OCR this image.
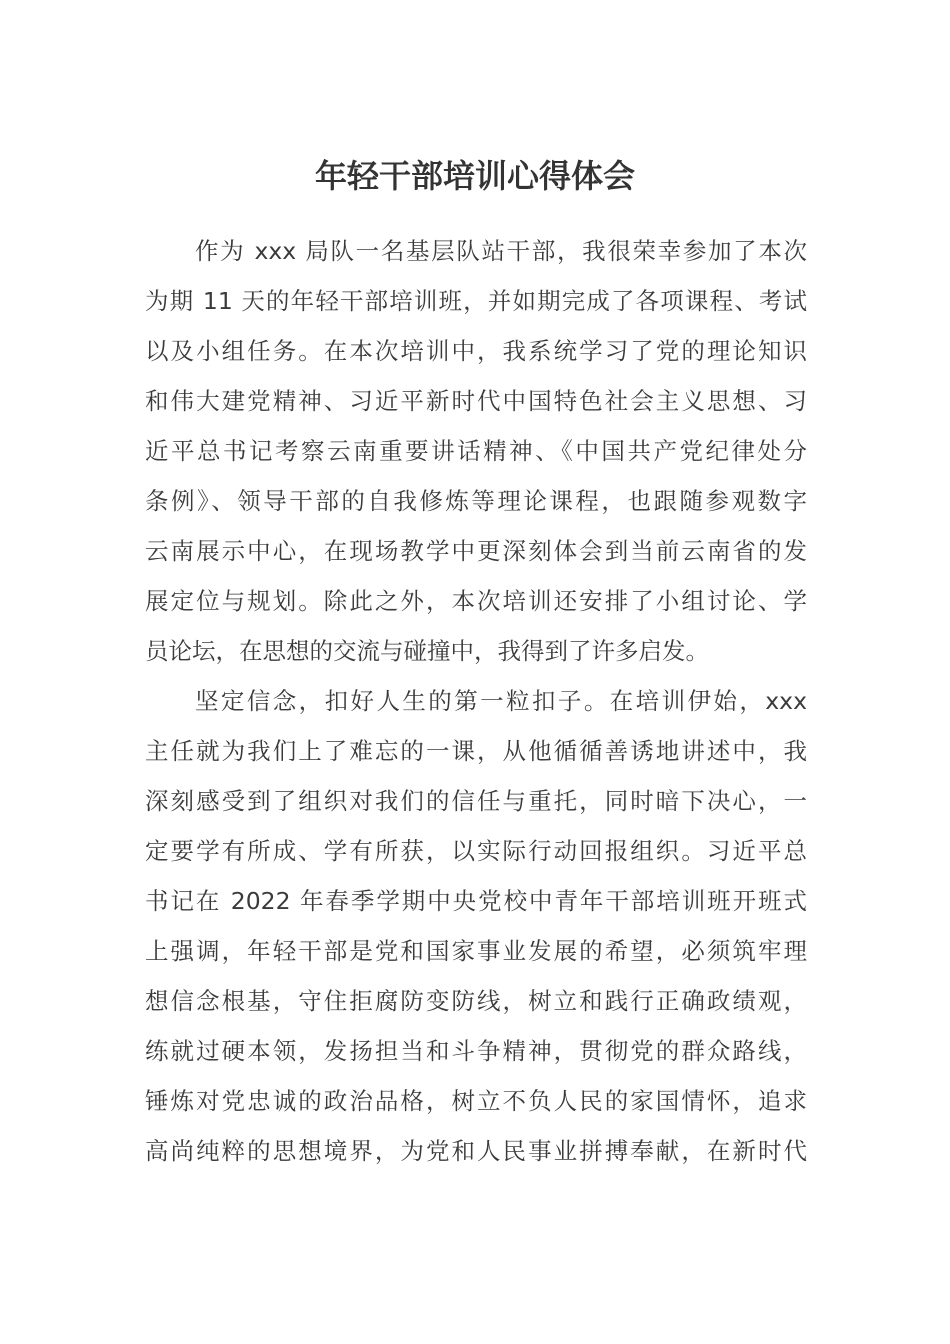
年轻干部培训心得体会
作为 xxx 局队一名基层队站干部，我很荣幸参加了本次
为期 11 天的年轻干部培训班，并如期完成了各项课程、考试
以及小组任务。在本次培训中，我系统学习了党的理论知识
和伟大建党精神、习近平新时代中国特色社会主义思想、习
近平总书记考察云南重要讲话精神、《中国共产党纪律处分
条例》、领导干部的自我修炼等理论课程，也跟随参观数字
云南展示中心，在现场教学中更深刻体会到当前云南省的发
展定位与规划。除此之外，本次培训还安排了小组讨论、学
员论坛，在思想的交流与碰撞中，我得到了许多启发。
坚定信念，扣好人生的第一粒扣子。在培训伊始，xxx
主任就为我们上了难忘的一课，从他循循善诱地讲述中，我
深刻感受到了组织对我们的信任与重托，同时暗下决心，一
定要学有所成、学有所获，以实际行动回报组织。习近平总
书记在 2022 年春季学期中央党校中青年干部培训班开班式
上强调，年轻干部是党和国家事业发展的希望，必须筑牢理
想信念根基，守住拒腐防变防线，树立和践行正确政绩观，
练就过硬本领，发扬担当和斗争精神，贯彻党的群众路线，
锤炼对党忠诚的政治品格，树立不负人民的家国情怀，追求
高尚纯粹的思想境界，为党和人民事业拼搏奉献，在新时代
